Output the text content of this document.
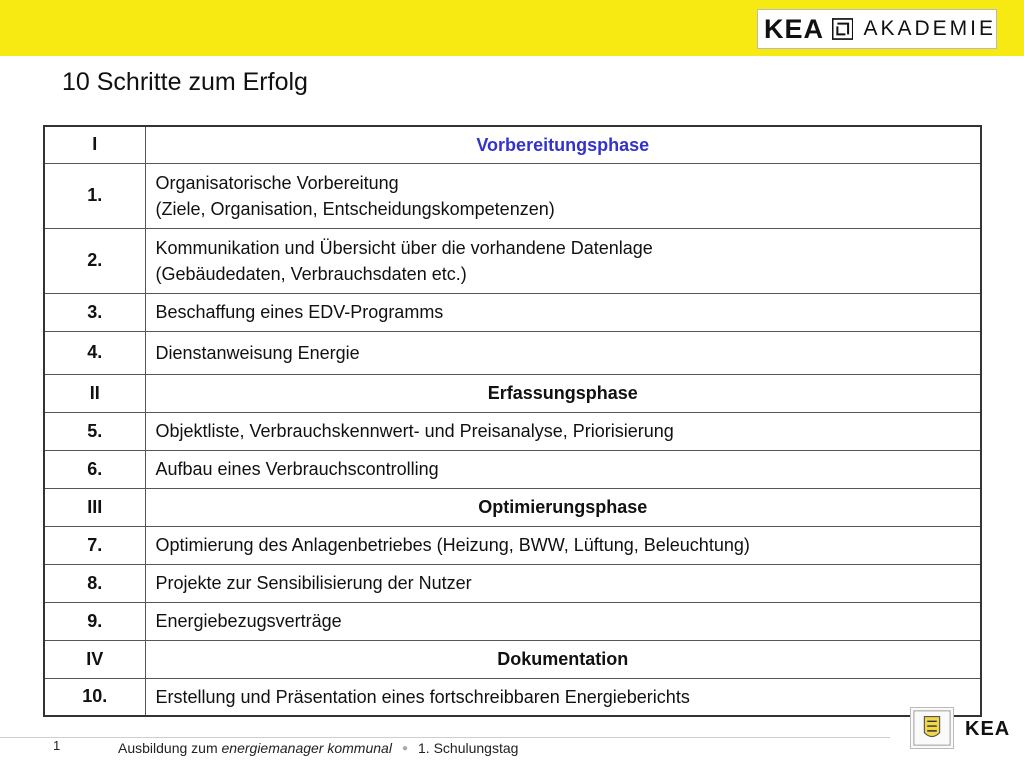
KEA AKADEMIE
10 Schritte zum Erfolg
I	Vorbereitungsphase
1.	Organisatorische Vorbereitung
(Ziele, Organisation, Entscheidungskompetenzen)

2.	Kommunikation und Übersicht über die vorhandene Datenlage
(Gebäudedaten, Verbrauchsdaten etc.)

3.	Beschaffung eines EDV-Programms

4.	Dienstanweisung Energie

II	Erfassungsphase
5.	Objektliste, Verbrauchskennwert- und Preisanalyse, Priorisierung

6.	Aufbau eines Verbrauchscontrolling

III	Optimierungsphase
7.	Optimierung des Anlagenbetriebes (Heizung, BWW, Lüftung, Beleuchtung)

8.	Projekte zur Sensibilisierung der Nutzer

9.	Energiebezugsverträge

IV	Dokumentation
10.	Erstellung und Präsentation eines fortschreibbaren Energieberichts
1	Ausbildung zum energiemanager kommunal ● 1. Schulungstag
KEA
